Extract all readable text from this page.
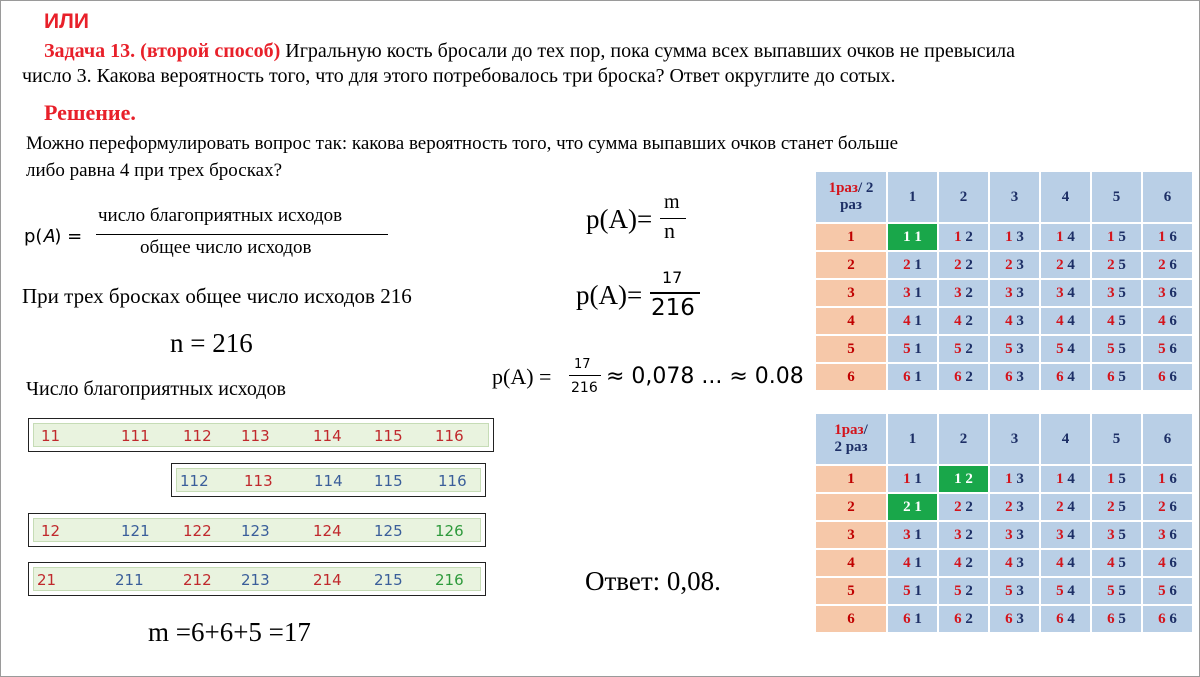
ИЛИ
Задача 13. (второй способ) Игральную кость бросали до тех пор, пока сумма всех выпавших очков не превысила
число 3. Какова вероятность того, что для этого потребовалось три броска? Ответ округлите до сотых.
Решение.
Можно переформулировать вопрос так: какова вероятность того, что сумма выпавших очков станет больше
либо равна 4 при трех бросках?
p(𝐴) =
число благоприятных исходов
общее число исходов
При трех бросках общее число исходов 216
n = 216
Число благоприятных исходов
m =6+6+5 =17
p(A)=
m
n
p(A)=
17
216
p(A) = 17
216 ≈ 0,078 ... ≈ 0.08
Ответ: 0,08.
11	111 112 113	114 115 116
112 113	114 115 116
12	121 122 123	124 125 126
21	211	212 213	214 215 216
1раз/ 2
раз	1	2	3	4	5	6
1	1 1	1 2	1 3	1 4	1 5	1 6
2	2 1	2 2	2 3	2 4	2 5	2 6
3	3 1	3 2	3 3	3 4	3 5	3 6
4	4 1	4 2	4 3	4 4	4 5	4 6
5	5 1	5 2	5 3	5 4	5 5	5 6
6	6 1	6 2	6 3	6 4	6 5	6 6
1раз/
2 раз	1	2	3	4	5	6
1	1 1	1 2	1 3	1 4	1 5	1 6
2	2 1	2 2	2 3	2 4	2 5	2 6
3	3 1	3 2	3 3	3 4	3 5	3 6
4	4 1	4 2	4 3	4 4	4 5	4 6
5	5 1	5 2	5 3	5 4	5 5	5 6
6	6 1	6 2	6 3	6 4	6 5	6 6
